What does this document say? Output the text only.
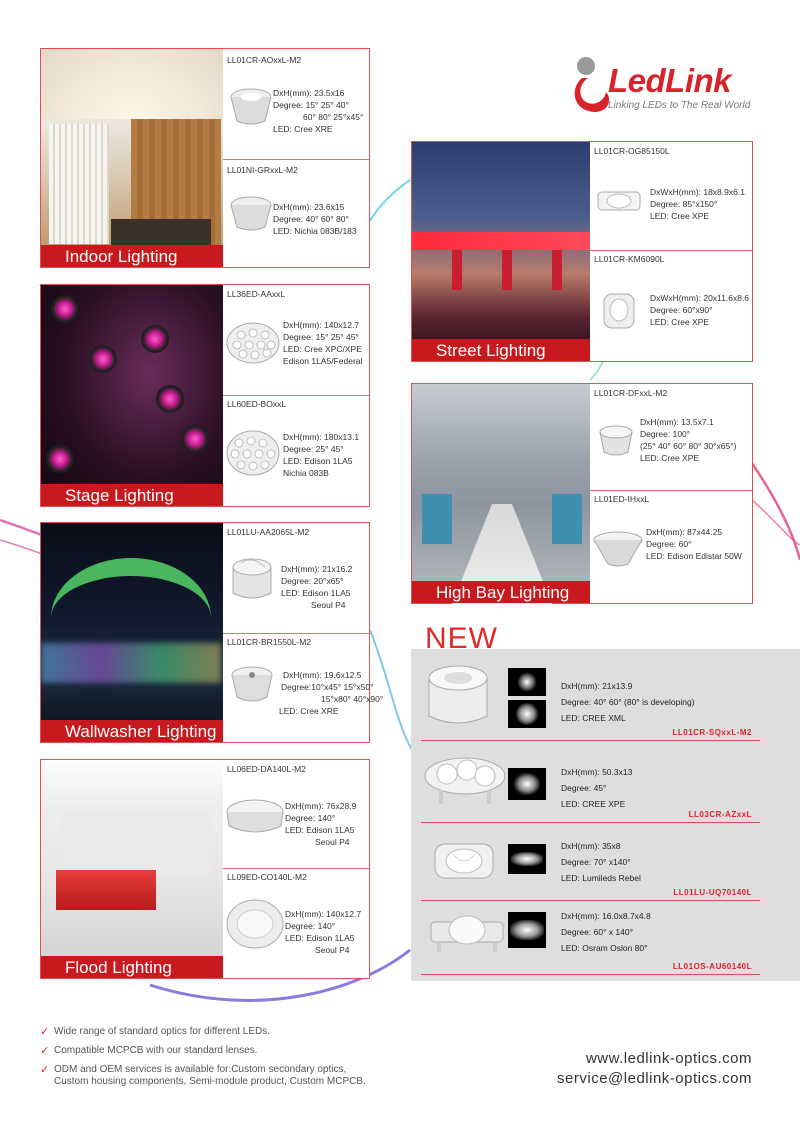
LedLink
Linking LEDs to The Real World
Indoor Lighting
LL01CR-AOxxL-M2
DxH(mm): 23.5x16
Degree: 15° 25° 40°
60° 80° 25°x45°
LED: Cree XRE
LL01NI-GRxxL-M2
DxH(mm): 23.6x15
Degree: 40° 60° 80°
LED: Nichia 083B/183
Stage Lighting
LL36ED-AAxxL
DxH(mm): 140x12.7
Degree: 15° 25° 45°
LED: Cree XPC/XPE
Edison 1LA5/Federal
LL60ED-BOxxL
DxH(mm): 180x13.1
Degree: 25° 45°
LED: Edison 1LA5
Nichia 083B
Wallwasher Lighting
LL01LU-AA2065L-M2
DxH(mm): 21x16.2
Degree: 20°x65°
LED: Edison 1LA5
Seoul P4
LL01CR-BR1550L-M2
DxH(mm): 19.6x12.5
Degree:10°x45° 15°x50°
15°x80° 40°x90°
LED: Cree XRE
Flood Lighting
LL06ED-DA140L-M2
DxH(mm): 76x28.9
Degree: 140°
LED: Edison 1LA5
Seoul P4
LL09ED-CO140L-M2
DxH(mm): 140x12.7
Degree: 140°
LED: Edison 1LA5
Seoul P4
Street Lighting
LL01CR-OG85150L
DxWxH(mm): 18x8.9x6.1
Degree: 85°x150°
LED: Cree XPE
LL01CR-KM6090L
DxWxH(mm): 20x11.6x8.6
Degree: 60°x90°
LED: Cree XPE
High Bay Lighting
LL01CR-DFxxL-M2
DxH(mm): 13.5x7.1
Degree: 100°
(25° 40° 60° 80° 30°x65°)
LED: Cree XPE
LL01ED-IHxxL
DxH(mm): 87x44.25
Degree: 60°
LED: Edison Edistar 50W
NEW
DxH(mm): 21x13.9
Degree: 40° 60° (80° is developing)
LED: CREE XML
LL01CR-SQxxL-M2
DxH(mm): 50.3x13
Degree: 45°
LED: CREE XPE
LL03CR-AZxxL
DxH(mm): 35x8
Degree: 70° x140°
LED: Lumileds Rebel
LL01LU-UQ70140L
DxH(mm): 16.0x8.7x4.8
Degree: 60° x 140°
LED: Osram Oslon 80°
LL01OS-AU60140L
✓ Wide range of standard optics for different LEDs.
✓ Compatible MCPCB with our standard lenses.
✓ ODM and OEM services is available for:Custom secondary optics,
Custom housing components, Semi-module product, Custom MCPCB.
www.ledlink-optics.com
service@ledlink-optics.com
